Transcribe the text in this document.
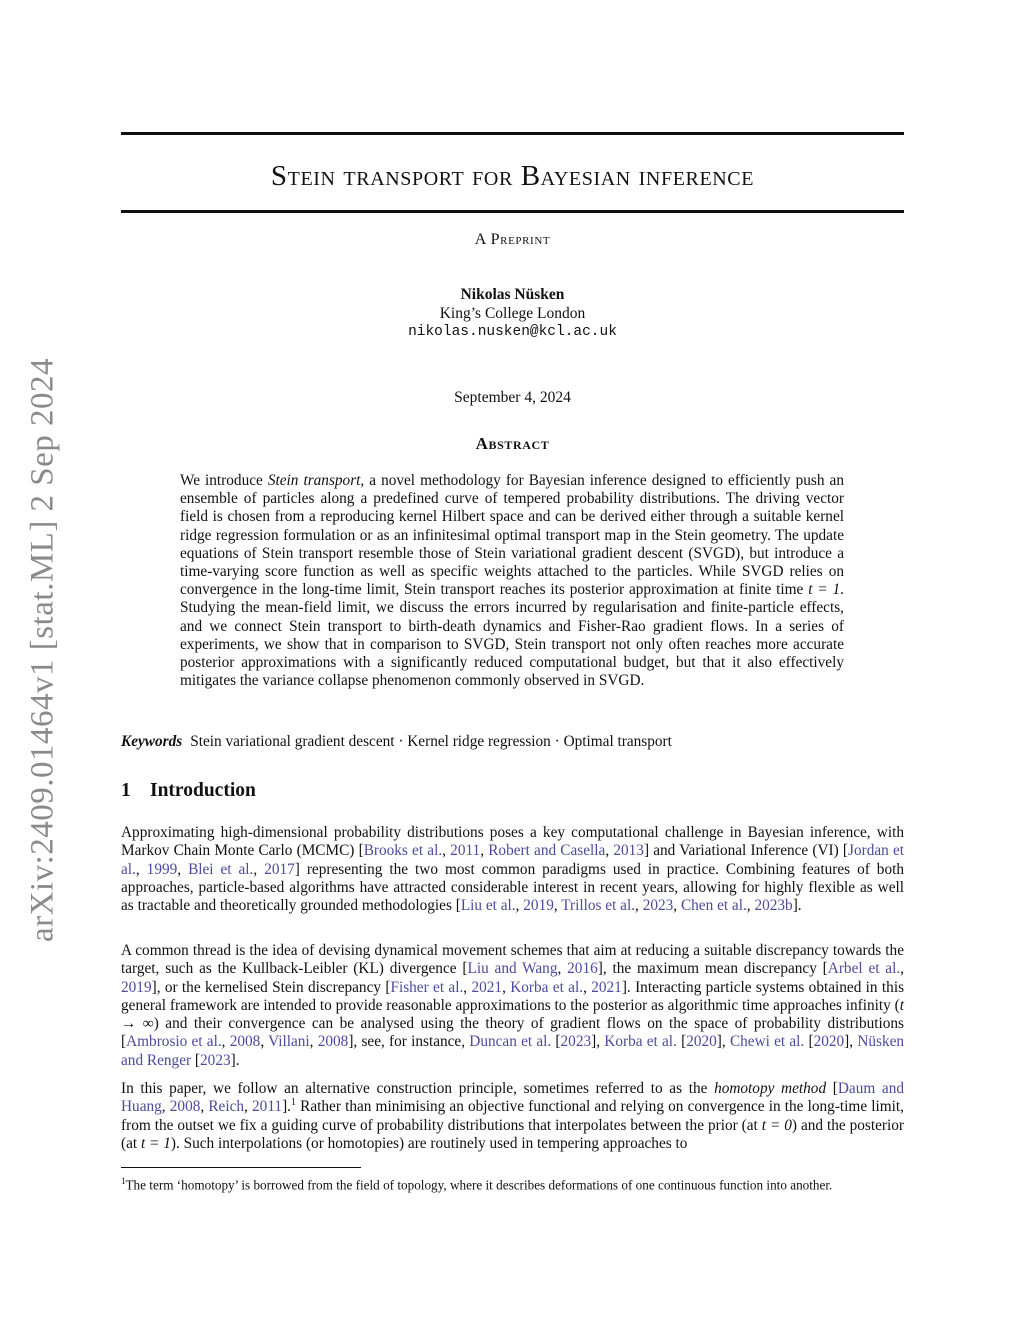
arXiv:2409.01464v1 [stat.ML] 2 Sep 2024
Stein transport for Bayesian inference
A Preprint
Nikolas Nüsken
King’s College London
nikolas.nusken@kcl.ac.uk
September 4, 2024
Abstract
We introduce Stein transport, a novel methodology for Bayesian inference designed to efficiently push an ensemble of particles along a predefined curve of tempered probability distributions. The driving vector field is chosen from a reproducing kernel Hilbert space and can be derived either through a suitable kernel ridge regression formulation or as an infinitesimal optimal transport map in the Stein geometry. The update equations of Stein transport resemble those of Stein variational gradient descent (SVGD), but introduce a time-varying score function as well as specific weights attached to the particles. While SVGD relies on convergence in the long-time limit, Stein transport reaches its posterior approximation at finite time t = 1. Studying the mean-field limit, we discuss the errors incurred by regularisation and finite-particle effects, and we connect Stein transport to birth-death dynamics and Fisher-Rao gradient flows. In a series of experiments, we show that in comparison to SVGD, Stein transport not only often reaches more accurate posterior approximations with a significantly reduced computational budget, but that it also effectively mitigates the variance collapse phenomenon commonly observed in SVGD.
Keywords Stein variational gradient descent · Kernel ridge regression · Optimal transport
1 Introduction
Approximating high-dimensional probability distributions poses a key computational challenge in Bayesian inference, with Markov Chain Monte Carlo (MCMC) [Brooks et al., 2011, Robert and Casella, 2013] and Variational Inference (VI) [Jordan et al., 1999, Blei et al., 2017] representing the two most common paradigms used in practice. Combining features of both approaches, particle-based algorithms have attracted considerable interest in recent years, allowing for highly flexible as well as tractable and theoretically grounded methodologies [Liu et al., 2019, Trillos et al., 2023, Chen et al., 2023b].
A common thread is the idea of devising dynamical movement schemes that aim at reducing a suitable discrepancy towards the target, such as the Kullback-Leibler (KL) divergence [Liu and Wang, 2016], the maximum mean discrepancy [Arbel et al., 2019], or the kernelised Stein discrepancy [Fisher et al., 2021, Korba et al., 2021]. Interacting particle systems obtained in this general framework are intended to provide reasonable approximations to the posterior as algorithmic time approaches infinity (t → ∞) and their convergence can be analysed using the theory of gradient flows on the space of probability distributions [Ambrosio et al., 2008, Villani, 2008], see, for instance, Duncan et al. [2023], Korba et al. [2020], Chewi et al. [2020], Nüsken and Renger [2023].
In this paper, we follow an alternative construction principle, sometimes referred to as the homotopy method [Daum and Huang, 2008, Reich, 2011].$^1$ Rather than minimising an objective functional and relying on convergence in the long-time limit, from the outset we fix a guiding curve of probability distributions that interpolates between the prior (at t = 0) and the posterior (at t = 1). Such interpolations (or homotopies) are routinely used in tempering approaches to
$^1$The term ‘homotopy’ is borrowed from the field of topology, where it describes deformations of one continuous function into another.
